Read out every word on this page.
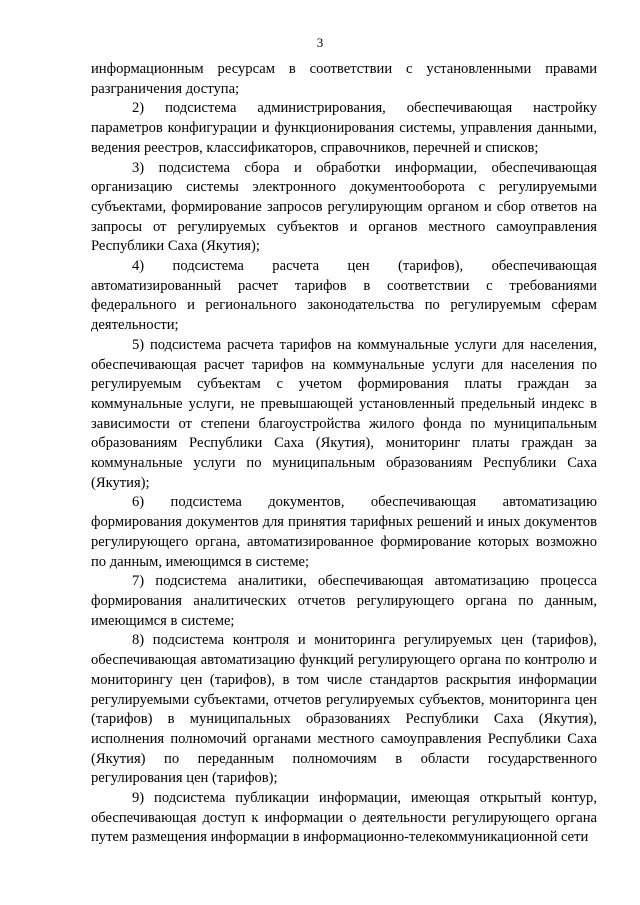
3

информационным ресурсам в соответствии с установленными правами разграничения доступа;

2) подсистема администрирования, обеспечивающая настройку параметров конфигурации и функционирования системы, управления данными, ведения реестров, классификаторов, справочников, перечней и списков;

3) подсистема сбора и обработки информации, обеспечивающая организацию системы электронного документооборота с регулируемыми субъектами, формирование запросов регулирующим органом и сбор ответов на запросы от регулируемых субъектов и органов местного самоуправления Республики Саха (Якутия);

4) подсистема расчета цен (тарифов), обеспечивающая автоматизированный расчет тарифов в соответствии с требованиями федерального и регионального законодательства по регулируемым сферам деятельности;

5) подсистема расчета тарифов на коммунальные услуги для населения, обеспечивающая расчет тарифов на коммунальные услуги для населения по регулируемым субъектам с учетом формирования платы граждан за коммунальные услуги, не превышающей установленный предельный индекс в зависимости от степени благоустройства жилого фонда по муниципальным образованиям Республики Саха (Якутия), мониторинг платы граждан за коммунальные услуги по муниципальным образованиям Республики Саха (Якутия);

6) подсистема документов, обеспечивающая автоматизацию формирования документов для принятия тарифных решений и иных документов регулирующего органа, автоматизированное формирование которых возможно по данным, имеющимся в системе;

7) подсистема аналитики, обеспечивающая автоматизацию процесса формирования аналитических отчетов регулирующего органа по данным, имеющимся в системе;

8) подсистема контроля и мониторинга регулируемых цен (тарифов), обеспечивающая автоматизацию функций регулирующего органа по контролю и мониторингу цен (тарифов), в том числе стандартов раскрытия информации регулируемыми субъектами, отчетов регулируемых субъектов, мониторинга цен (тарифов) в муниципальных образованиях Республики Саха (Якутия), исполнения полномочий органами местного самоуправления Республики Саха (Якутия) по переданным полномочиям в области государственного регулирования цен (тарифов);

9) подсистема публикации информации, имеющая открытый контур, обеспечивающая доступ к информации о деятельности регулирующего органа путем размещения информации в информационно-телекоммуникационной сети
